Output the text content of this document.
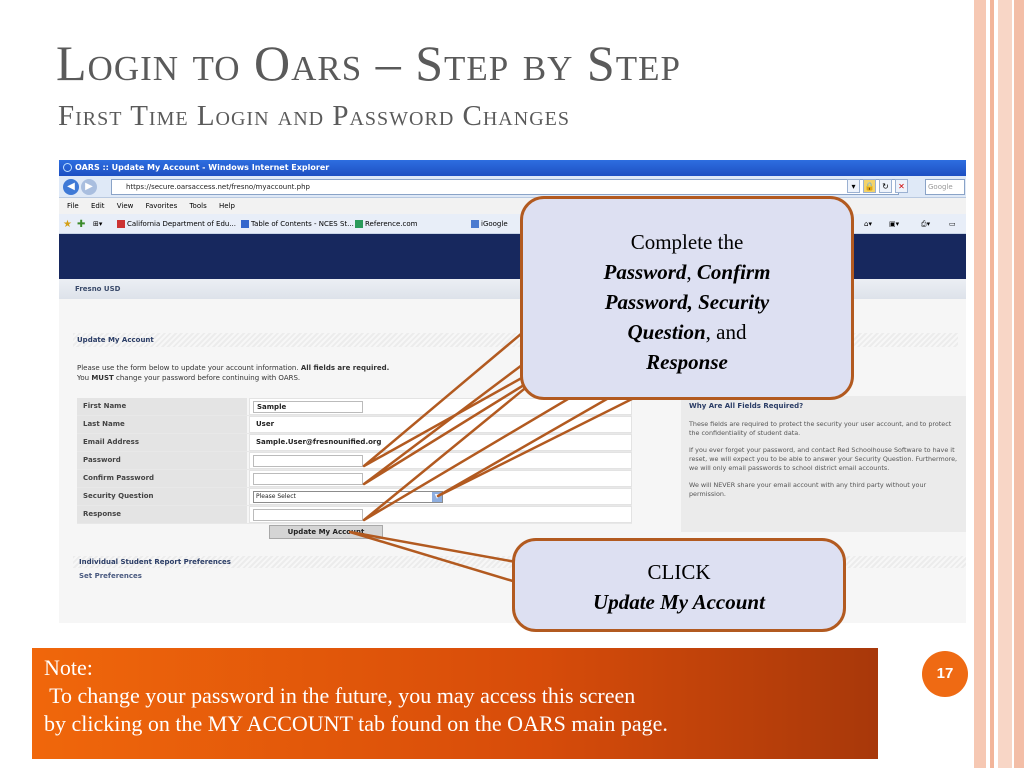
Login to Oars – Step by Step
First Time Login and Password Changes
OARS :: Update My Account - Windows Internet Explorer
◀	▶	https://secure.oarsaccess.net/fresno/myaccount.php	▾	🔒 ↻	✕	Google
File Edit View Favorites Tools Help
★ ✚ ⊞▾	California Department of Edu...	Table of Contents - NCES St...	Reference.com	iGoogle	⌂▾ ▣▾	⎙▾	▭
Fresno USD
Update My Account
Please use the form below to update your account information. All fields are required.
You MUST change your password before continuing with OARS.
First Name	Sample
Last Name	User
Email Address	Sample.User@fresnounified.org
Password
Confirm Password
Security Question	Please Select	▼
Response
Update My Account
Why Are All Fields Required?

These fields are required to protect the security your user account, and to protect the confidentiality of student data.

If you ever forget your password, and contact Red Schoolhouse Software to have it reset, we will expect you to be able to answer your Security Question. Furthermore, we will only email passwords to school district email accounts.

We will NEVER share your email account with any third party without your permission.

Individual Student Report Preferences
Set Preferences
Complete the
Password, Confirm
Password, Security
Question, and
Response
CLICK
Update My Account
Note:
To change your password in the future, you may access this screen
by clicking on the MY ACCOUNT tab found on the OARS main page.
17
